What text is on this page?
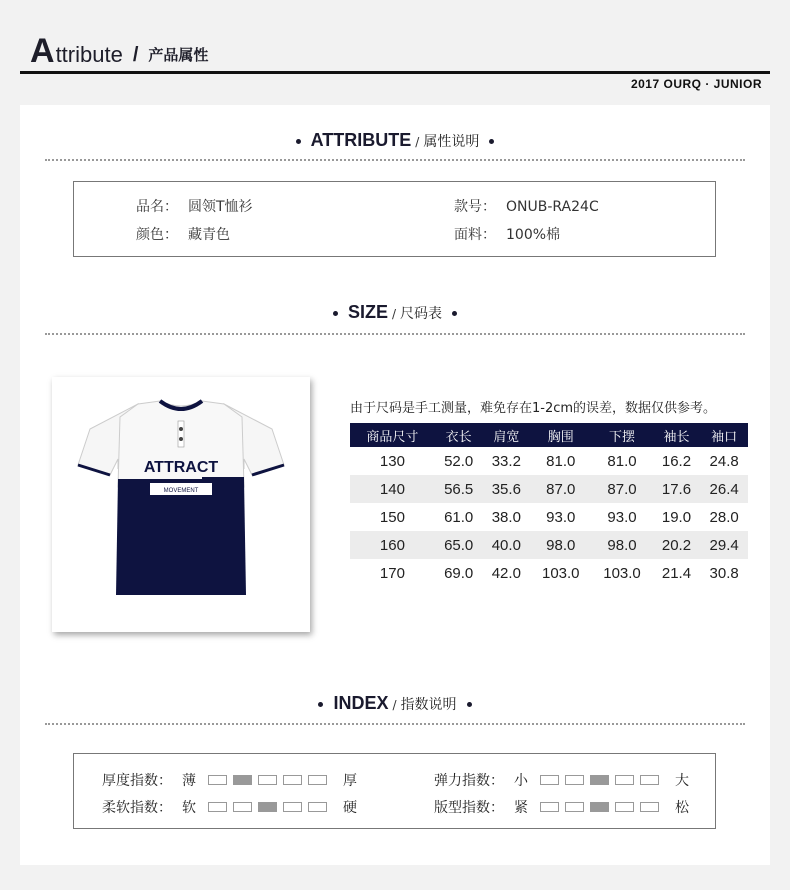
A ttribute / 产品属性
2017 OURQ · JUNIOR
ATTRIBUTE / 属性说明
品名： 圆领T恤衫	款号： ONUB-RA24C
颜色： 藏青色	面料： 100%棉
SIZE / 尺码表
ATTRACT
MOVEMENT
由于尺码是手工测量，难免存在1-2cm的误差，数据仅供参考。
商品尺寸	衣长	肩宽	胸围	下摆	袖长	袖口
130	52.0	33.2	81.0	81.0	16.2	24.8
140	56.5	35.6	87.0	87.0	17.6	26.4
150	61.0	38.0	93.0	93.0	19.0	28.0
160	65.0	40.0	98.0	98.0	20.2	29.4
170	69.0	42.0	103.0	103.0	21.4	30.8
INDEX / 指数说明
厚度指数： 薄	厚
柔软指数： 软	硬
弹力指数： 小	大
版型指数： 紧	松
